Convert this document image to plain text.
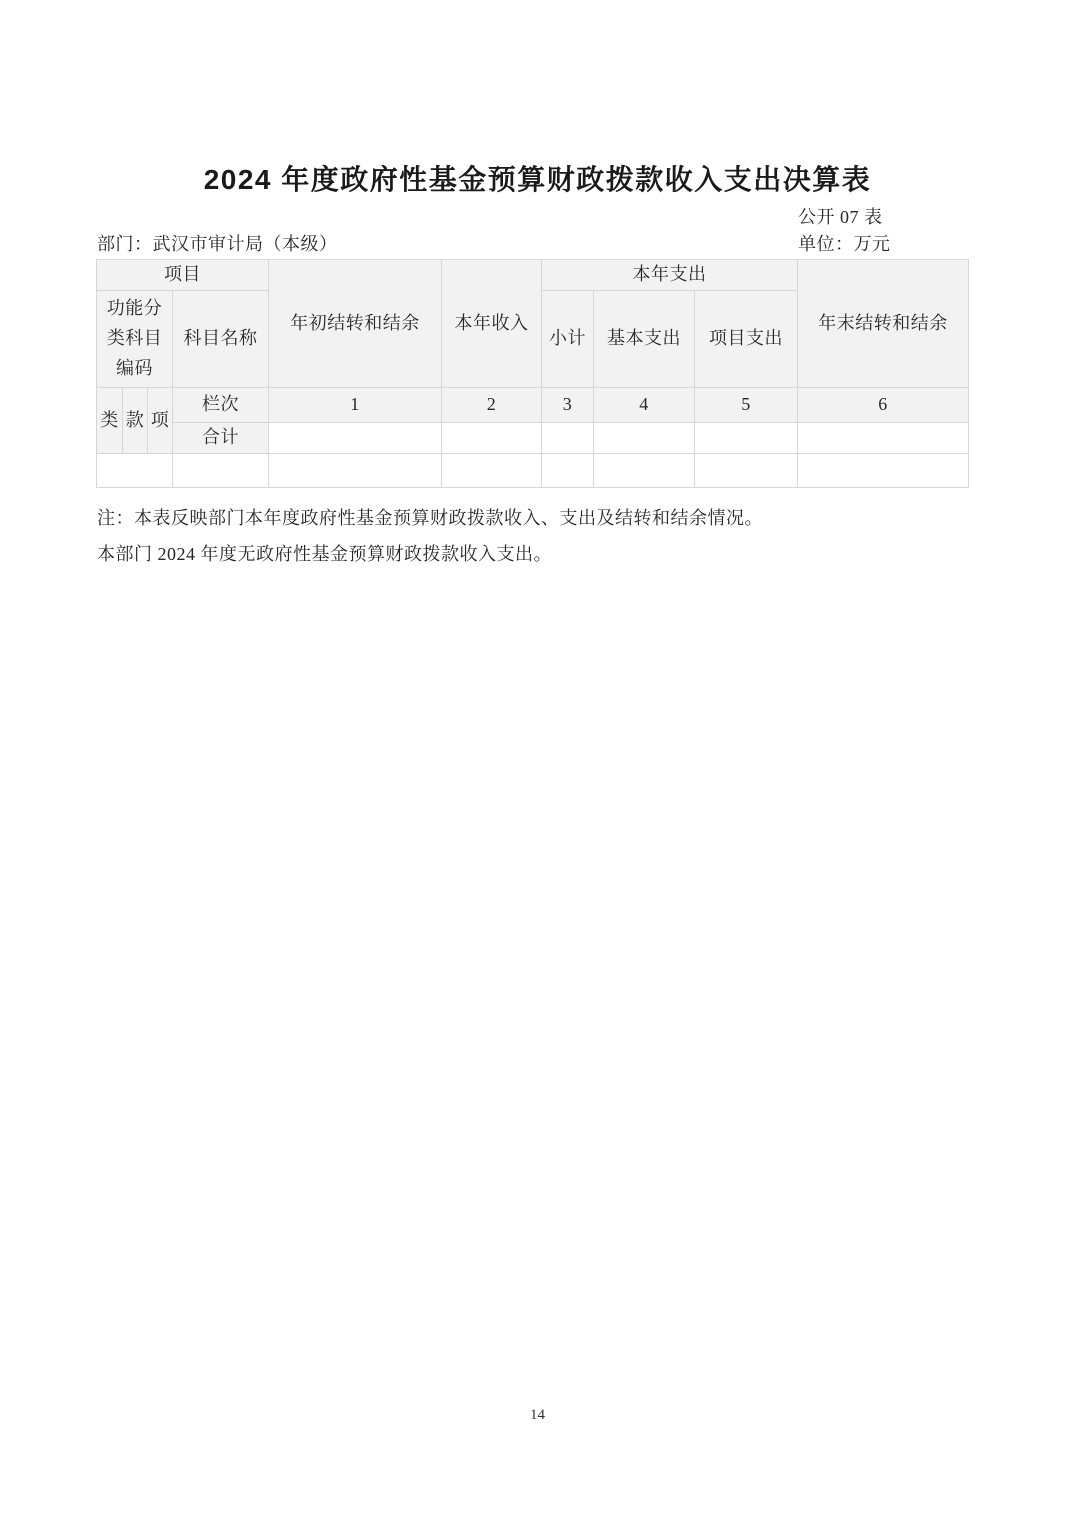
2024 年度政府性基金预算财政拨款收入支出决算表
公开 07 表
部门：武汉市审计局（本级）	单位：万元
项目				年初结转和结余	本年收入	本年支出			年末结转和结余
功能分类科目编码			科目名称			小计	基本支出	项目支出	
类	款	项	栏次	1	2	3	4	5	6
			合计						

注：本表反映部门本年度政府性基金预算财政拨款收入、支出及结转和结余情况。
本部门 2024 年度无政府性基金预算财政拨款收入支出。
14
